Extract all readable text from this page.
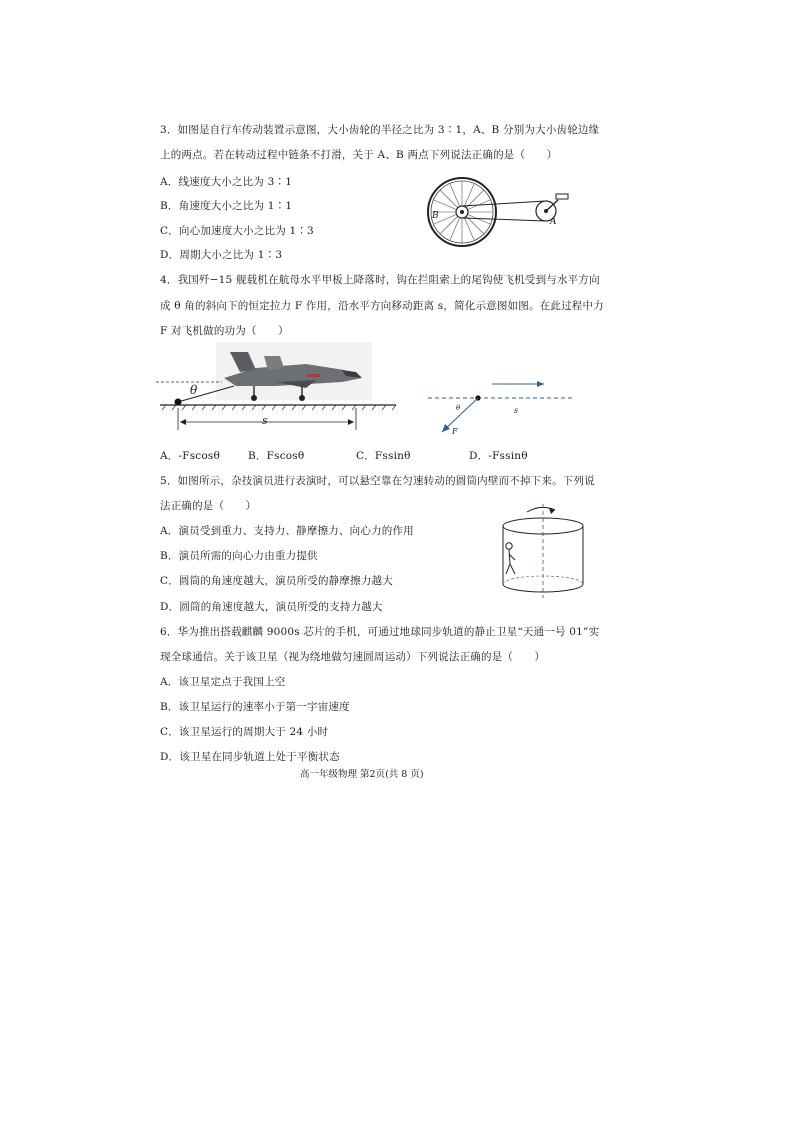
3．如图是自行车传动装置示意图，大小齿轮的半径之比为 3∶1，A、B 分别为大小齿轮边缘
上的两点。若在转动过程中链条不打滑，关于 A、B 两点下列说法正确的是（　　）
A．线速度大小之比为 3∶1
B．角速度大小之比为 1∶1
C．向心加速度大小之比为 1∶3
D．周期大小之比为 1∶3
B
A
4．我国歼−15 舰载机在航母水平甲板上降落时，钩在拦阻索上的尾钩使飞机受到与水平方向
成 θ 角的斜向下的恒定拉力 F 作用，沿水平方向移动距离 s，简化示意图如图。在此过程中力
F 对飞机做的功为（　　）
θ
s
θ	s
F
A．-Fscosθ	B．Fscosθ	C．Fssinθ	D．-Fssinθ
5．如图所示，杂技演员进行表演时，可以悬空靠在匀速转动的圆筒内壁而不掉下来。下列说
法正确的是（　　）
A．演员受到重力、支持力、静摩擦力、向心力的作用
B．演员所需的向心力由重力提供
C．圆筒的角速度越大，演员所受的静摩擦力越大
D．圆筒的角速度越大，演员所受的支持力越大
6．华为推出搭载麒麟 9000s 芯片的手机，可通过地球同步轨道的静止卫星“天通一号 01”实
现全球通信。关于该卫星（视为绕地做匀速圆周运动）下列说法正确的是（　　）
A．该卫星定点于我国上空
B．该卫星运行的速率小于第一宇宙速度
C．该卫星运行的周期大于 24 小时
D．该卫星在同步轨道上处于平衡状态
高一年级物理 第2页(共 8 页)
